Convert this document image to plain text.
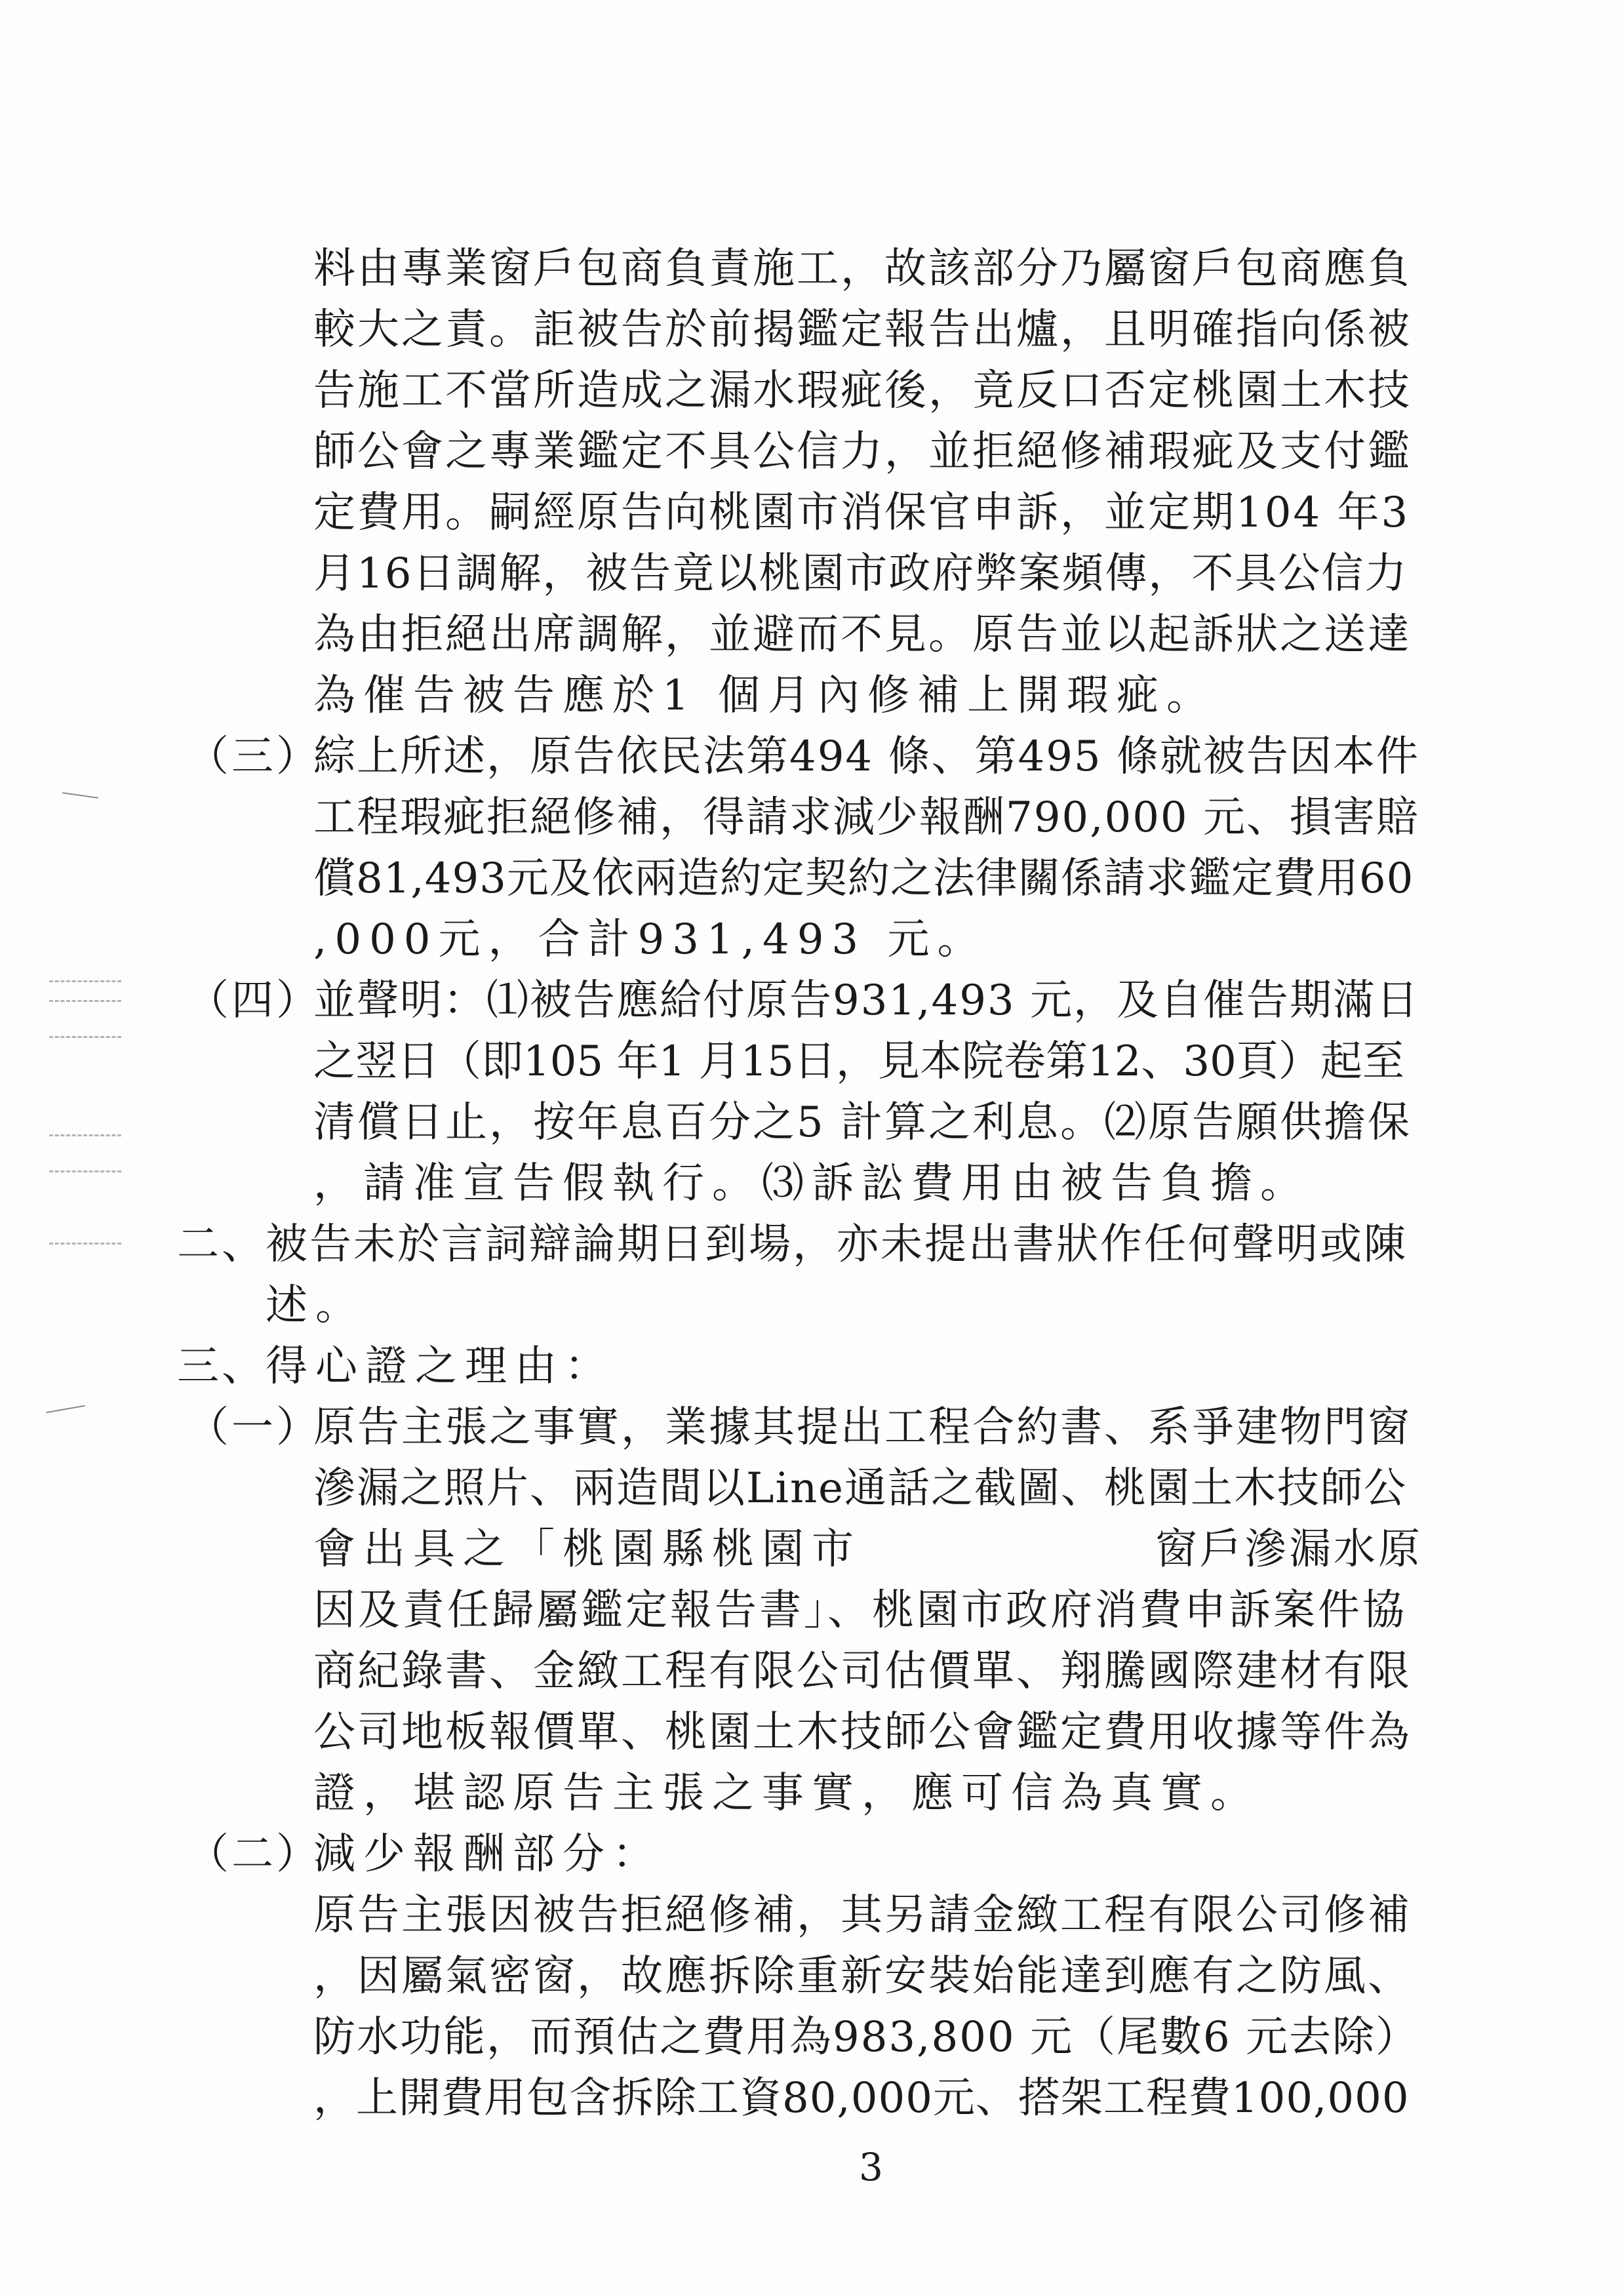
料由專業窗戶包商負責施工，故該部分乃屬窗戶包商應負
較大之責。詎被告於前揭鑑定報告出爐，且明確指向係被
告施工不當所造成之漏水瑕疵後，竟反口否定桃園土木技
師公會之專業鑑定不具公信力，並拒絕修補瑕疵及支付鑑
定費用。嗣經原告向桃園市消保官申訴，並定期104 年3
月16日調解，被告竟以桃園市政府弊案頻傳，不具公信力
為由拒絕出席調解，並避而不見。原告並以起訴狀之送達
為催告被告應於1 個月內修補上開瑕疵。
（三）
綜上所述，原告依民法第494 條、第495 條就被告因本件
工程瑕疵拒絕修補，得請求減少報酬790,000 元、損害賠
償81,493元及依兩造約定契約之法律關係請求鑑定費用60
,000元，合計931,493 元。
（四）
並聲明：⑴被告應給付原告931,493 元，及自催告期滿日
之翌日（即105 年1 月15日，見本院卷第12、30頁）起至
清償日止，按年息百分之5 計算之利息。⑵原告願供擔保
，請准宣告假執行。⑶訴訟費用由被告負擔。
二、 被告未於言詞辯論期日到場，亦未提出書狀作任何聲明或陳
述。
三、 得心證之理由：
（一）
原告主張之事實，業據其提出工程合約書、系爭建物門窗
滲漏之照片、兩造間以Line通話之截圖、桃園土木技師公
會出具之「桃園縣桃園市	窗戶滲漏水原
因及責任歸屬鑑定報告書」、桃園市政府消費申訴案件協
商紀錄書、金緻工程有限公司估價單、翔騰國際建材有限
公司地板報價單、桃園土木技師公會鑑定費用收據等件為
證，堪認原告主張之事實，應可信為真實。
（二）
減少報酬部分：
原告主張因被告拒絕修補，其另請金緻工程有限公司修補
，因屬氣密窗，故應拆除重新安裝始能達到應有之防風、
防水功能，而預估之費用為983,800 元（尾數6 元去除）
，上開費用包含拆除工資80,000元、搭架工程費100,000
3
